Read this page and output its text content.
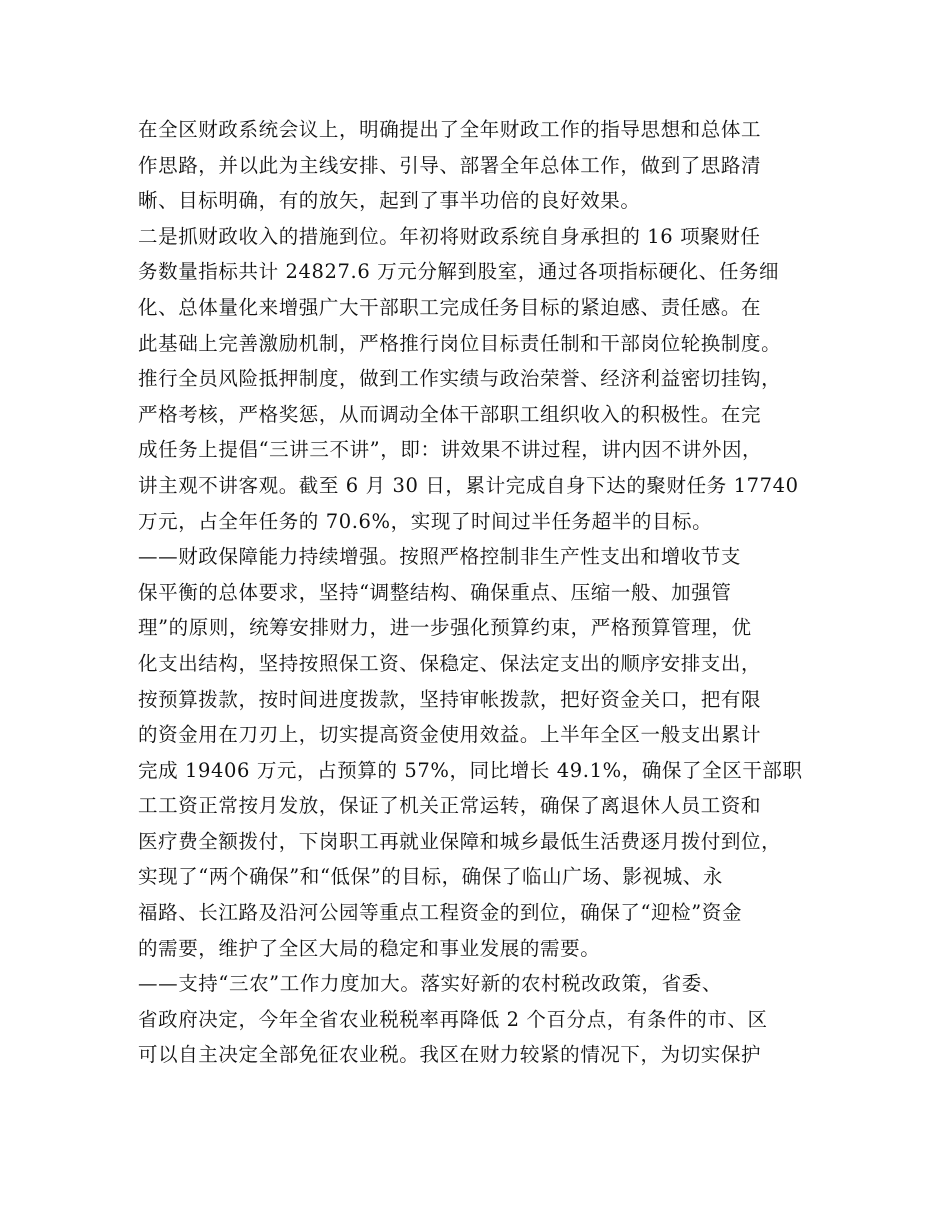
在全区财政系统会议上，明确提出了全年财政工作的指导思想和总体工
作思路，并以此为主线安排、引导、部署全年总体工作，做到了思路清
晰、目标明确，有的放矢，起到了事半功倍的良好效果。
二是抓财政收入的措施到位。年初将财政系统自身承担的 16 项聚财任
务数量指标共计 24827.6 万元分解到股室，通过各项指标硬化、任务细
化、总体量化来增强广大干部职工完成任务目标的紧迫感、责任感。在
此基础上完善激励机制，严格推行岗位目标责任制和干部岗位轮换制度。
推行全员风险抵押制度，做到工作实绩与政治荣誉、经济利益密切挂钩，
严格考核，严格奖惩，从而调动全体干部职工组织收入的积极性。在完
成任务上提倡“三讲三不讲”，即：讲效果不讲过程，讲内因不讲外因，
讲主观不讲客观。截至 6 月 30 日，累计完成自身下达的聚财任务 17740
万元，占全年任务的 70.6%，实现了时间过半任务超半的目标。
——财政保障能力持续增强。按照严格控制非生产性支出和增收节支
保平衡的总体要求，坚持“调整结构、确保重点、压缩一般、加强管
理”的原则，统筹安排财力，进一步强化预算约束，严格预算管理，优
化支出结构，坚持按照保工资、保稳定、保法定支出的顺序安排支出，
按预算拨款，按时间进度拨款，坚持审帐拨款，把好资金关口，把有限
的资金用在刀刃上，切实提高资金使用效益。上半年全区一般支出累计
完成 19406 万元，占预算的 57%，同比增长 49.1%，确保了全区干部职
工工资正常按月发放，保证了机关正常运转，确保了离退休人员工资和
医疗费全额拨付，下岗职工再就业保障和城乡最低生活费逐月拨付到位，
实现了“两个确保”和“低保”的目标，确保了临山广场、影视城、永
福路、长江路及沿河公园等重点工程资金的到位，确保了“迎检”资金
的需要，维护了全区大局的稳定和事业发展的需要。
——支持“三农”工作力度加大。落实好新的农村税改政策，省委、
省政府决定，今年全省农业税税率再降低 2 个百分点，有条件的市、区
可以自主决定全部免征农业税。我区在财力较紧的情况下，为切实保护
